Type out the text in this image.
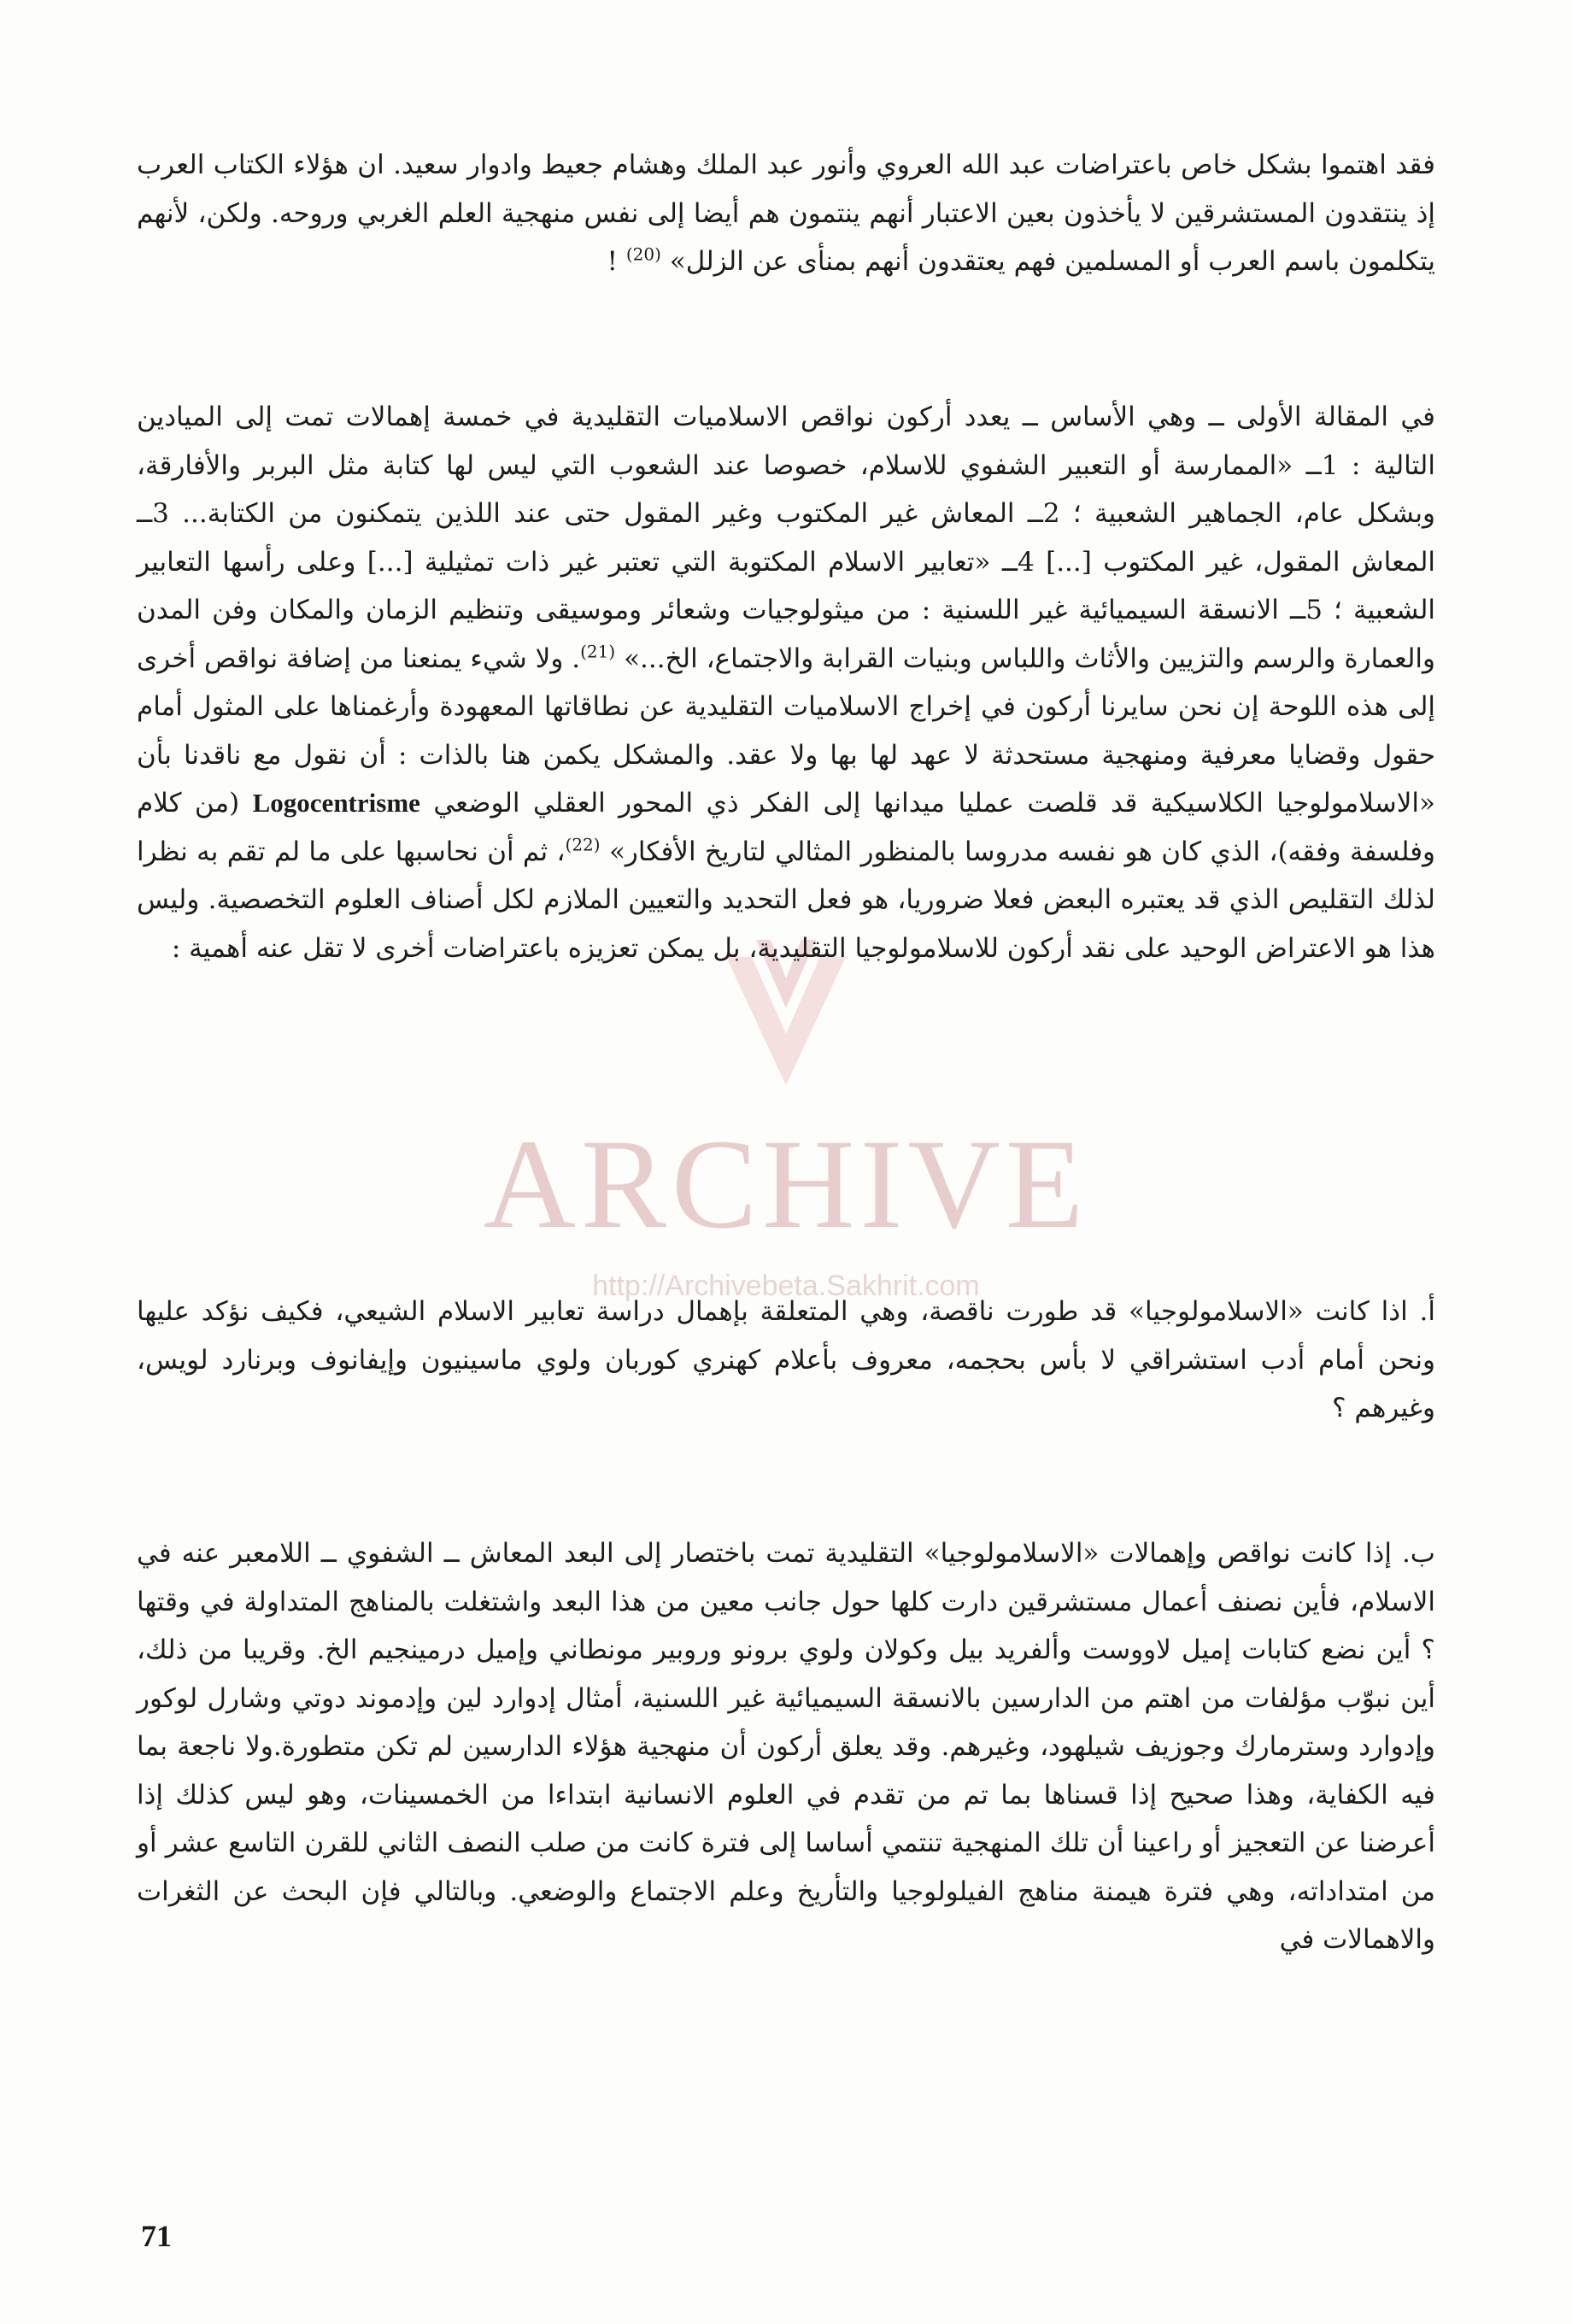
ARCHIVE
http://Archivebeta.Sakhrit.com
فقد اهتموا بشكل خاص باعتراضات عبد الله العروي وأنور عبد الملك وهشام جعيط وادوار سعيد. ان هؤلاء الكتاب العرب إذ ينتقدون المستشرقين لا يأخذون بعين الاعتبار أنهم ينتمون هم أيضا إلى نفس منهجية العلم الغربي وروحه. ولكن، لأنهم يتكلمون باسم العرب أو المسلمين فهم يعتقدون أنهم بمنأى عن الزلل» $^{(20)}$ !
في المقالة الأولى ــ وهي الأساس ــ يعدد أركون نواقص الاسلاميات التقليدية في خمسة إهمالات تمت إلى الميادين التالية : 1ــ «الممارسة أو التعبير الشفوي للاسلام، خصوصا عند الشعوب التي ليس لها كتابة مثل البربر والأفارقة، وبشكل عام، الجماهير الشعبية ؛ 2ــ المعاش غير المكتوب وغير المقول حتى عند اللذين يتمكنون من الكتابة... 3ــ المعاش المقول، غير المكتوب [...] 4ــ «تعابير الاسلام المكتوبة التي تعتبر غير ذات تمثيلية [...] وعلى رأسها التعابير الشعبية ؛ 5ــ الانسقة السيميائية غير اللسنية : من ميثولوجيات وشعائر وموسيقى وتنظيم الزمان والمكان وفن المدن والعمارة والرسم والتزيين والأثاث واللباس وبنيات القرابة والاجتماع، الخ...» $^{(21)}$. ولا شيء يمنعنا من إضافة نواقص أخرى إلى هذه اللوحة إن نحن سايرنا أركون في إخراج الاسلاميات التقليدية عن نطاقاتها المعهودة وأرغمناها على المثول أمام حقول وقضايا معرفية ومنهجية مستحدثة لا عهد لها بها ولا عقد. والمشكل يكمن هنا بالذات : أن نقول مع ناقدنا بأن «الاسلامولوجيا الكلاسيكية قد قلصت عمليا ميدانها إلى الفكر ذي المحور العقلي الوضعي Logocentrisme (من كلام وفلسفة وفقه)، الذي كان هو نفسه مدروسا بالمنظور المثالي لتاريخ الأفكار» $^{(22)}$، ثم أن نحاسبها على ما لم تقم به نظرا لذلك التقليص الذي قد يعتبره البعض فعلا ضروريا، هو فعل التحديد والتعيين الملازم لكل أصناف العلوم التخصصية. وليس هذا هو الاعتراض الوحيد على نقد أركون للاسلامولوجيا التقليدية، بل يمكن تعزيزه باعتراضات أخرى لا تقل عنه أهمية :
أ. اذا كانت «الاسلامولوجيا» قد طورت ناقصة، وهي المتعلقة بإهمال دراسة تعابير الاسلام الشيعي، فكيف نؤكد عليها ونحن أمام أدب استشراقي لا بأس بحجمه، معروف بأعلام كهنري كوربان ولوي ماسينيون وإيفانوف وبرنارد لويس، وغيرهم ؟
ب. إذا كانت نواقص وإهمالات «الاسلامولوجيا» التقليدية تمت باختصار إلى البعد المعاش ــ الشفوي ــ اللامعبر عنه في الاسلام، فأين نصنف أعمال مستشرقين دارت كلها حول جانب معين من هذا البعد واشتغلت بالمناهج المتداولة في وقتها ؟ أين نضع كتابات إميل لاووست وألفريد بيل وكولان ولوي برونو وروبير مونطاني وإميل درمينجيم الخ. وقريبا من ذلك، أين نبوّب مؤلفات من اهتم من الدارسين بالانسقة السيميائية غير اللسنية، أمثال إدوارد لين وإدموند دوتي وشارل لوكور وإدوارد وسترمارك وجوزيف شيلهود، وغيرهم. وقد يعلق أركون أن منهجية هؤلاء الدارسين لم تكن متطورة.ولا ناجعة بما فيه الكفاية، وهذا صحيح إذا قسناها بما تم من تقدم في العلوم الانسانية ابتداءا من الخمسينات، وهو ليس كذلك إذا أعرضنا عن التعجيز أو راعينا أن تلك المنهجية تنتمي أساسا إلى فترة كانت من صلب النصف الثاني للقرن التاسع عشر أو من امتداداته، وهي فترة هيمنة مناهج الفيلولوجيا والتأريخ وعلم الاجتماع والوضعي. وبالتالي فإن البحث عن الثغرات والاهمالات في
71
